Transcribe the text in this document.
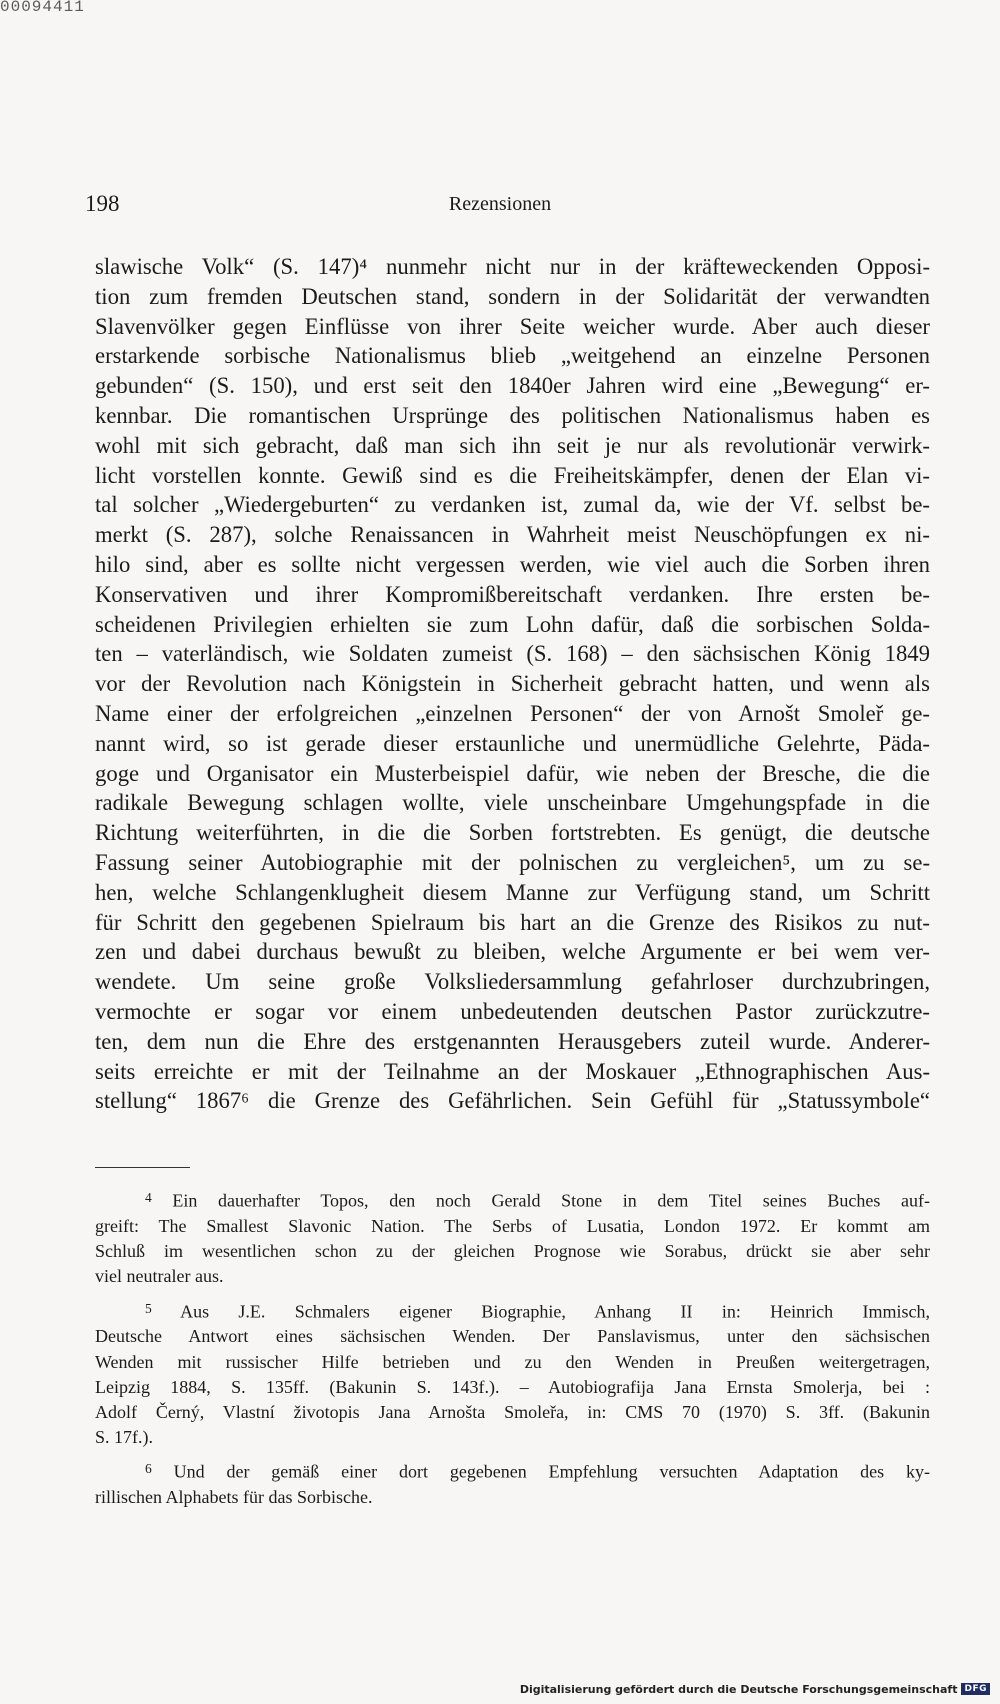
00094411
198	Rezensionen
slawische Volk“ (S. 147)⁴ nunmehr nicht nur in der kräfteweckenden Opposi-
tion zum fremden Deutschen stand, sondern in der Solidarität der verwandten
Slavenvölker gegen Einflüsse von ihrer Seite weicher wurde. Aber auch dieser
erstarkende sorbische Nationalismus blieb „weitgehend an einzelne Personen
gebunden“ (S. 150), und erst seit den 1840er Jahren wird eine „Bewegung“ er-
kennbar. Die romantischen Ursprünge des politischen Nationalismus haben es
wohl mit sich gebracht, daß man sich ihn seit je nur als revolutionär verwirk-
licht vorstellen konnte. Gewiß sind es die Freiheitskämpfer, denen der Elan vi-
tal solcher „Wiedergeburten“ zu verdanken ist, zumal da, wie der Vf. selbst be-
merkt (S. 287), solche Renaissancen in Wahrheit meist Neuschöpfungen ex ni-
hilo sind, aber es sollte nicht vergessen werden, wie viel auch die Sorben ihren
Konservativen und ihrer Kompromißbereitschaft verdanken. Ihre ersten be-
scheidenen Privilegien erhielten sie zum Lohn dafür, daß die sorbischen Solda-
ten – vaterländisch, wie Soldaten zumeist (S. 168) – den sächsischen König 1849
vor der Revolution nach Königstein in Sicherheit gebracht hatten, und wenn als
Name einer der erfolgreichen „einzelnen Personen“ der von Arnošt Smoleř ge-
nannt wird, so ist gerade dieser erstaunliche und unermüdliche Gelehrte, Päda-
goge und Organisator ein Musterbeispiel dafür, wie neben der Bresche, die die
radikale Bewegung schlagen wollte, viele unscheinbare Umgehungspfade in die
Richtung weiterführten, in die die Sorben fortstrebten. Es genügt, die deutsche
Fassung seiner Autobiographie mit der polnischen zu vergleichen⁵, um zu se-
hen, welche Schlangenklugheit diesem Manne zur Verfügung stand, um Schritt
für Schritt den gegebenen Spielraum bis hart an die Grenze des Risikos zu nut-
zen und dabei durchaus bewußt zu bleiben, welche Argumente er bei wem ver-
wendete. Um seine große Volksliedersammlung gefahrloser durchzubringen,
vermochte er sogar vor einem unbedeutenden deutschen Pastor zurückzutre-
ten, dem nun die Ehre des erstgenannten Herausgebers zuteil wurde. Anderer-
seits erreichte er mit der Teilnahme an der Moskauer „Ethnographischen Aus-
stellung“ 1867⁶ die Grenze des Gefährlichen. Sein Gefühl für „Statussymbole“
$^4$ Ein dauerhafter Topos, den noch Gerald Stone in dem Titel seines Buches auf-
greift: The Smallest Slavonic Nation. The Serbs of Lusatia, London 1972. Er kommt am
Schluß im wesentlichen schon zu der gleichen Prognose wie Sorabus, drückt sie aber sehr
viel neutraler aus.
$^5$ Aus J.E. Schmalers eigener Biographie, Anhang II in: Heinrich Immisch,
Deutsche Antwort eines sächsischen Wenden. Der Panslavismus, unter den sächsischen
Wenden mit russischer Hilfe betrieben und zu den Wenden in Preußen weitergetragen,
Leipzig 1884, S. 135ff. (Bakunin S. 143f.). – Autobiografija Jana Ernsta Smolerja, bei :
Adolf Černý, Vlastní životopis Jana Arnošta Smoleřa, in: CMS 70 (1970) S. 3ff. (Bakunin
S. 17f.).
$^6$ Und der gemäß einer dort gegebenen Empfehlung versuchten Adaptation des ky-
rillischen Alphabets für das Sorbische.
Digitalisierung gefördert durch die Deutsche Forschungsgemeinschaft DFG
